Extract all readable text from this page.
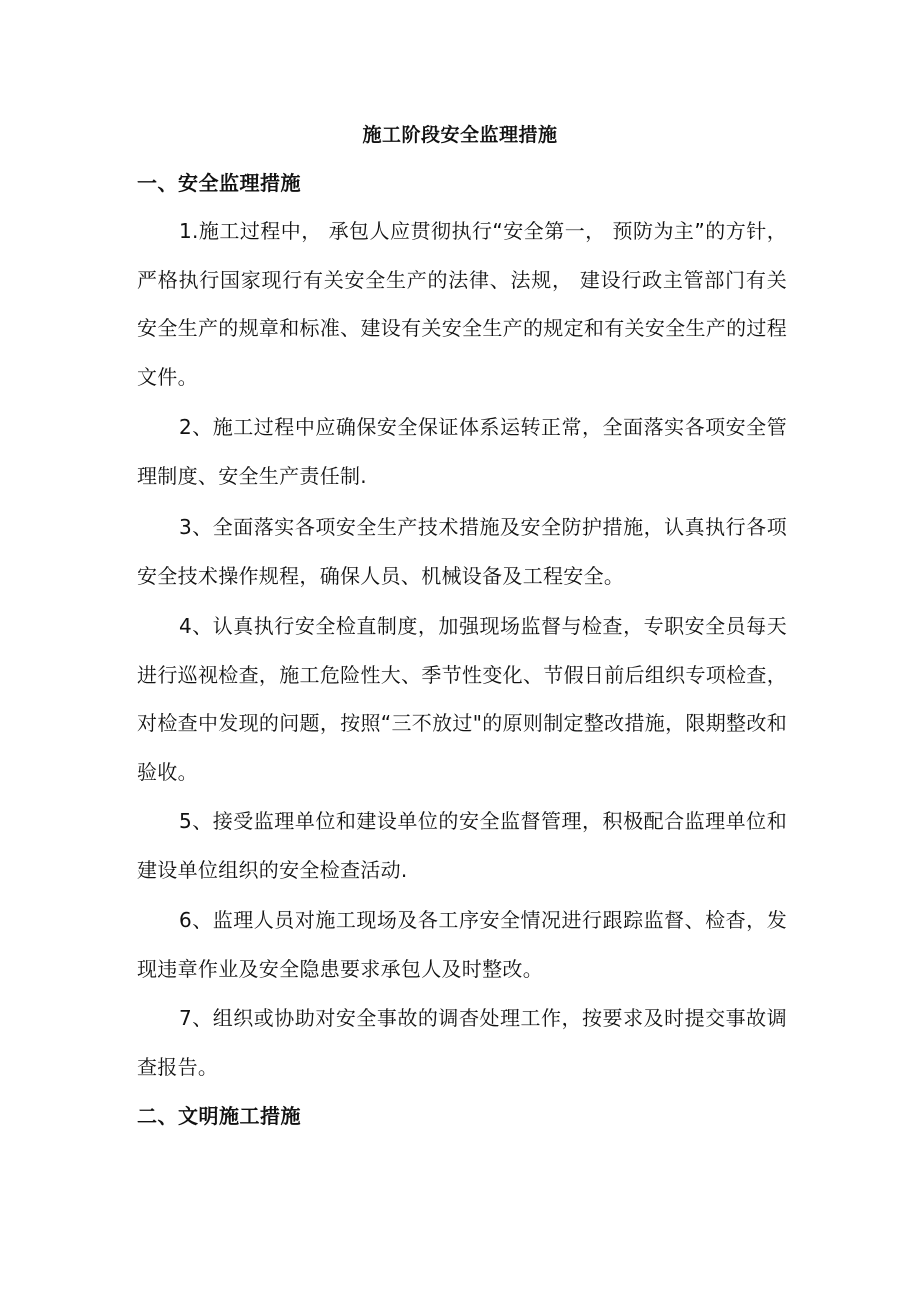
施工阶段安全监理措施
一、安全监理措施

1.施工过程中， 承包人应贯彻执行“安全第一， 预防为主”的方针，严格执行国家现行有关安全生产的法律、法规， 建设行政主管部门有关安全生产的规章和标准、建设有关安全生产的规定和有关安全生产的过程文件。

2、施工过程中应确保安全保证体系运转正常，全面落实各项安全管理制度、安全生产责任制.

3、全面落实各项安全生产技术措施及安全防护措施，认真执行各项安全技术操作规程，确保人员、机械设备及工程安全。

4、认真执行安全检直制度，加强现场监督与检查，专职安全员每天进行巡视检查，施工危险性大、季节性变化、节假日前后组织专项检查，对检查中发现的问题，按照“三不放过"的原则制定整改措施，限期整改和验收。

5、接受监理单位和建设单位的安全监督管理，积极配合监理单位和建设单位组织的安全检查活动.

6、监理人员对施工现场及各工序安全情况进行跟踪监督、检杳，发现违章作业及安全隐患要求承包人及时整改。

7、组织或协助对安全事故的调杳处理工作，按要求及时提交事故调查报告。

二、文明施工措施
